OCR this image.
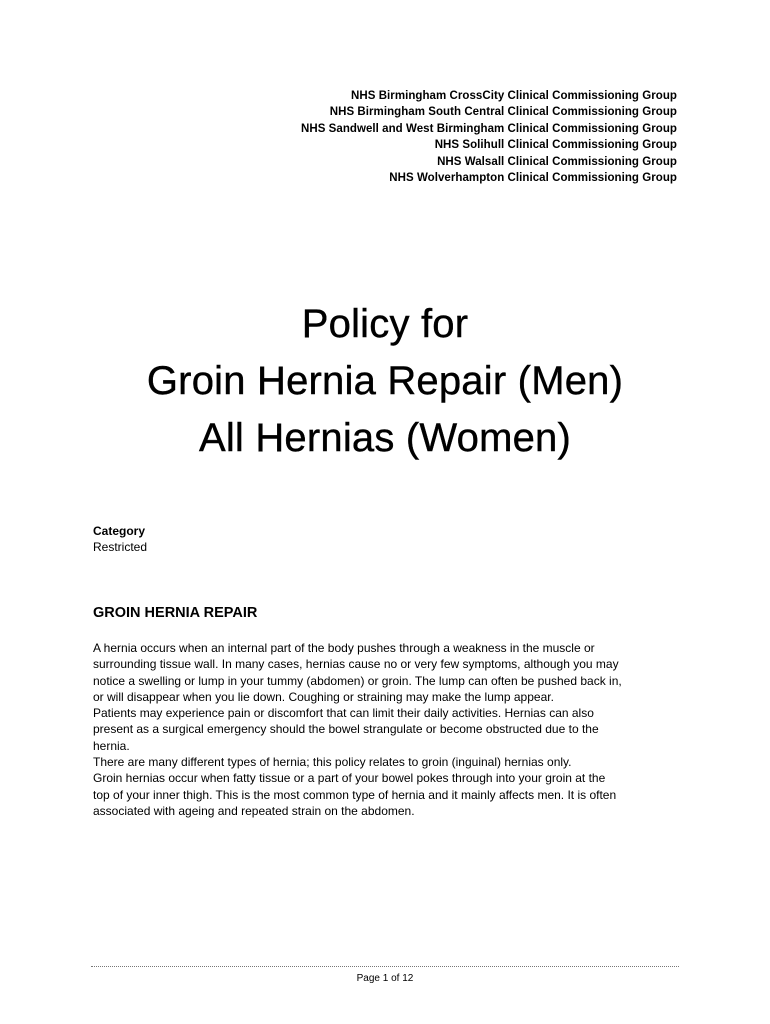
NHS Birmingham CrossCity Clinical Commissioning Group
NHS Birmingham South Central Clinical Commissioning Group
NHS Sandwell and West Birmingham Clinical Commissioning Group
NHS Solihull Clinical Commissioning Group
NHS Walsall Clinical Commissioning Group
NHS Wolverhampton Clinical Commissioning Group
Policy for
Groin Hernia Repair (Men)
All Hernias (Women)
Category
Restricted
GROIN HERNIA REPAIR

A hernia occurs when an internal part of the body pushes through a weakness in the muscle or

surrounding tissue wall. In many cases, hernias cause no or very few symptoms, although you may

notice a swelling or lump in your tummy (abdomen) or groin. The lump can often be pushed back in,

or will disappear when you lie down. Coughing or straining may make the lump appear.

Patients may experience pain or discomfort that can limit their daily activities. Hernias can also

present as a surgical emergency should the bowel strangulate or become obstructed due to the

hernia.

There are many different types of hernia; this policy relates to groin (inguinal) hernias only.

Groin hernias occur when fatty tissue or a part of your bowel pokes through into your groin at the

top of your inner thigh. This is the most common type of hernia and it mainly affects men. It is often

associated with ageing and repeated strain on the abdomen.

Page 1 of 12
